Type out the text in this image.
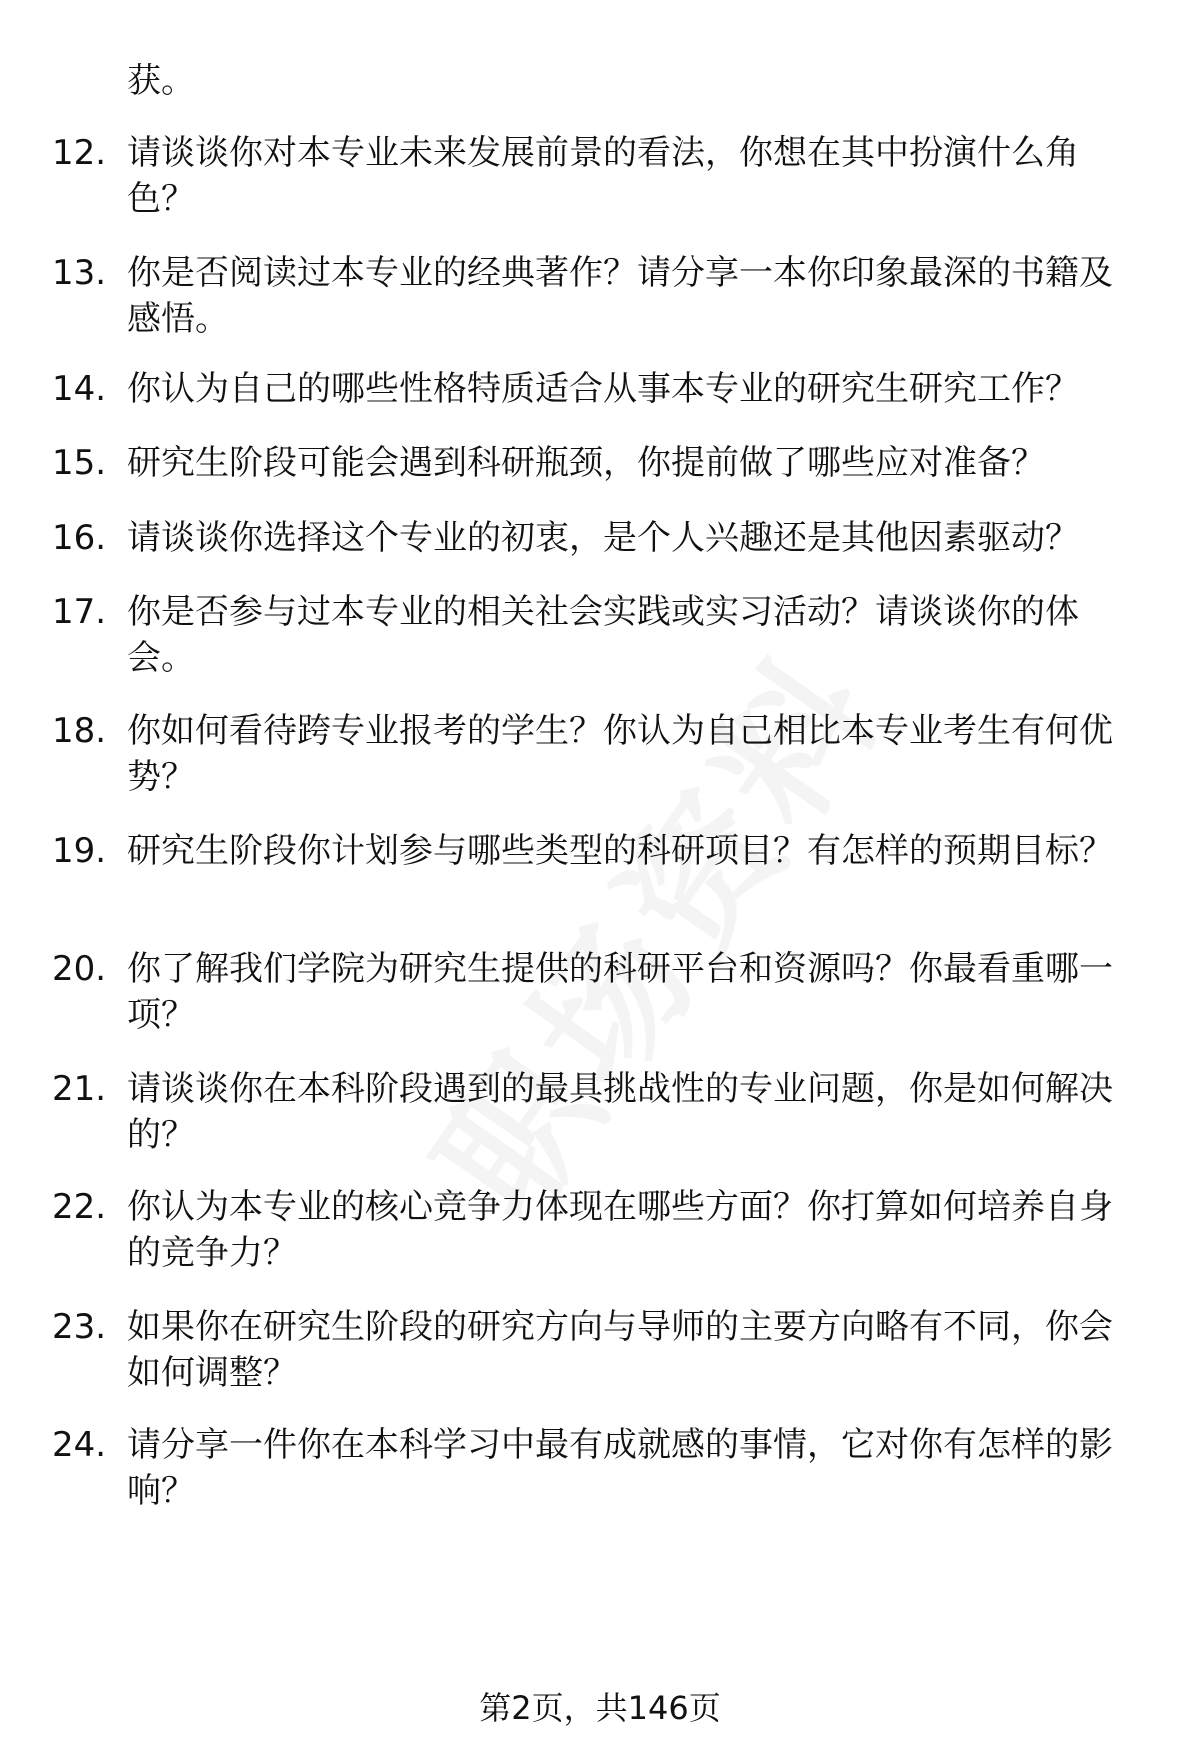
获。

12. 请谈谈你对本专业未来发展前景的看法，你想在其中扮演什么角色？
13. 你是否阅读过本专业的经典著作？请分享一本你印象最深的书籍及感悟。
14. 你认为自己的哪些性格特质适合从事本专业的研究生研究工作？
15. 研究生阶段可能会遇到科研瓶颈，你提前做了哪些应对准备？
16. 请谈谈你选择这个专业的初衷，是个人兴趣还是其他因素驱动？
17. 你是否参与过本专业的相关社会实践或实习活动？请谈谈你的体会。
18. 你如何看待跨专业报考的学生？你认为自己相比本专业考生有何优势？
19. 研究生阶段你计划参与哪些类型的科研项目？有怎样的预期目标？
20. 你了解我们学院为研究生提供的科研平台和资源吗？你最看重哪一项？
21. 请谈谈你在本科阶段遇到的最具挑战性的专业问题，你是如何解决的？
22. 你认为本专业的核心竞争力体现在哪些方面？你打算如何培养自身的竞争力？
23. 如果你在研究生阶段的研究方向与导师的主要方向略有不同，你会如何调整？
24. 请分享一件你在本科学习中最有成就感的事情，它对你有怎样的影响？
第2页，共146页
